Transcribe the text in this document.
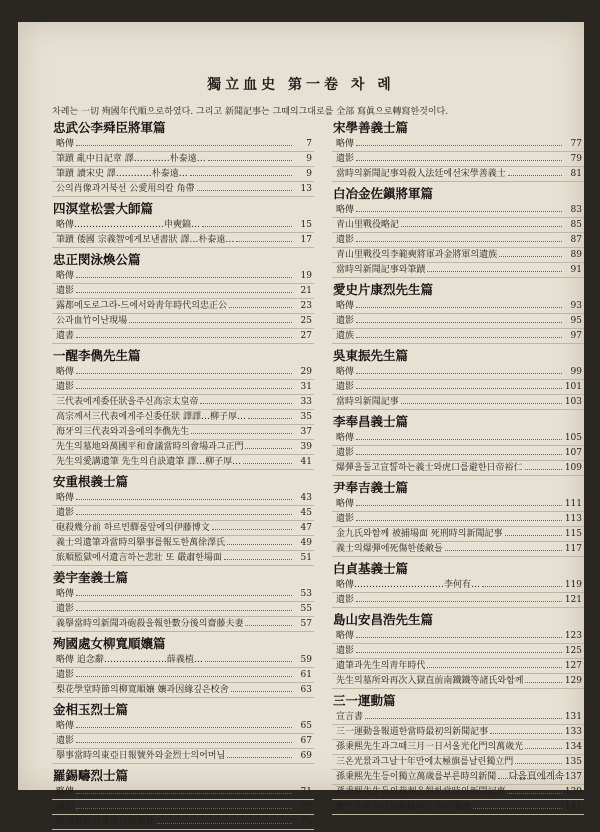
獨立血史 第一卷 차 례
차례는 一切 殉國年代順으로하였다. 그리고 新聞記事는 그때의그대로를 全部 寫眞으로轉寫한것이다.
忠武公李舜臣將軍篇
略傳	7
筆蹟 亂中日記章 譯…………朴泰遠…	9
筆蹟 讀宋史 譯…………朴泰遠…	9
公의肖像과거북선 公愛用의칼 角帶	13
四溟堂松雲大師篇
略傳…………………………申奭鎬…	15
筆蹟 倭國 宗義智에게보낸書狀 譯…朴泰遠…	17
忠正閔泳煥公篇
略傳	19
遺影	21
露都에도로그라-드에서와靑年時代의忠正公	23
公과血竹이난現場	25
遺書	27
一醒李儁先生篇
略傳	29
遺影	31
三代表에게委任狀을주신高宗太皇帝	33
高宗께서三代表에게주신委任狀 譯譯…柳子厚…	35
海牙의三代表와괴을에의李儁先生	37
先生의墓地와萬國平和會議當時의會場과그正門	39
先生의愛講遺筆 先生의自訣遺筆 譯…柳子厚…	41
安重根義士篇
略傳	43
遺影	45
砲殺幾分前 하르빈驛룸앞에의伊藤博文	47
義士의遺筆과當時의擧事를報도한萬徐澤氏	49
旅順監獄에서遺言하는悲壯 또 嚴肅한場面	51
姜宇奎義士篇
略傳	53
遺影	55
義擧當時의新聞과砲殺을報한數分後의齋藤夫妻	57
殉國處女柳寬順孃篇
略傳 追念辭…………………薛義植…	59
遺影	61
梨花學堂時節의柳寬順孃 孃과因緣깊은校舍	63
金相玉烈士篇
略傳	65
遺影	67
擧事當時의東亞日報號外와金烈士의어머님	69
羅錫疇烈士篇
略傳	71
遺影	73
擧事當時의東亞日報號外	75
宋學善義士篇
略傳	77
遺影	79
當時의新聞記事와殺人法廷에선宋學善義士	81
白冶金佐鎭將軍篇
略傳	83
青山里戰役略記	85
遺影	87
青山里戰役의李範奭將軍과金將軍의遺族	89
當時의新聞記事와筆蹟	91
愛史片康烈先生篇
略傳	93
遺影	95
遺族	97
吳東振先生篇
略傳	99
遺影	101
當時의新聞記事	103
李奉昌義士篇
略傳	105
遺影	107
爆彈을둘고宣誓하는義士와虎口를避한日帝裕仁	109
尹奉吉義士篇
略傳	111
遺影	113
金九氏와함께 被捕場面 死刑時의新聞記事	115
義士의爆彈에死傷한倭敵들	117
白貞基義士篇
略傳…………………………李何有…	119
遺影	121
島山安昌浩先生篇
略傳	123
遺影	125
遺筆과先生의靑年時代	127
先生의墓所와再次入獄直前南鐵鐵等諸氏와함께	129
三一運動篇
宣言書	131
三一運動을報道한當時最初의新聞記事	133
孫秉熙先生과그때三月一日서울光化門의萬歲光	134
三온光景과그날十年만에太極旗를날린獨立門	135
孫秉熙先生등이獨立萬歲를부른時의新聞	137
孫秉熙先生등의裁判을報한當時의新聞記事	139
敵이우리겨레를虐殺하는 여러場面	141
다음頁에계속
